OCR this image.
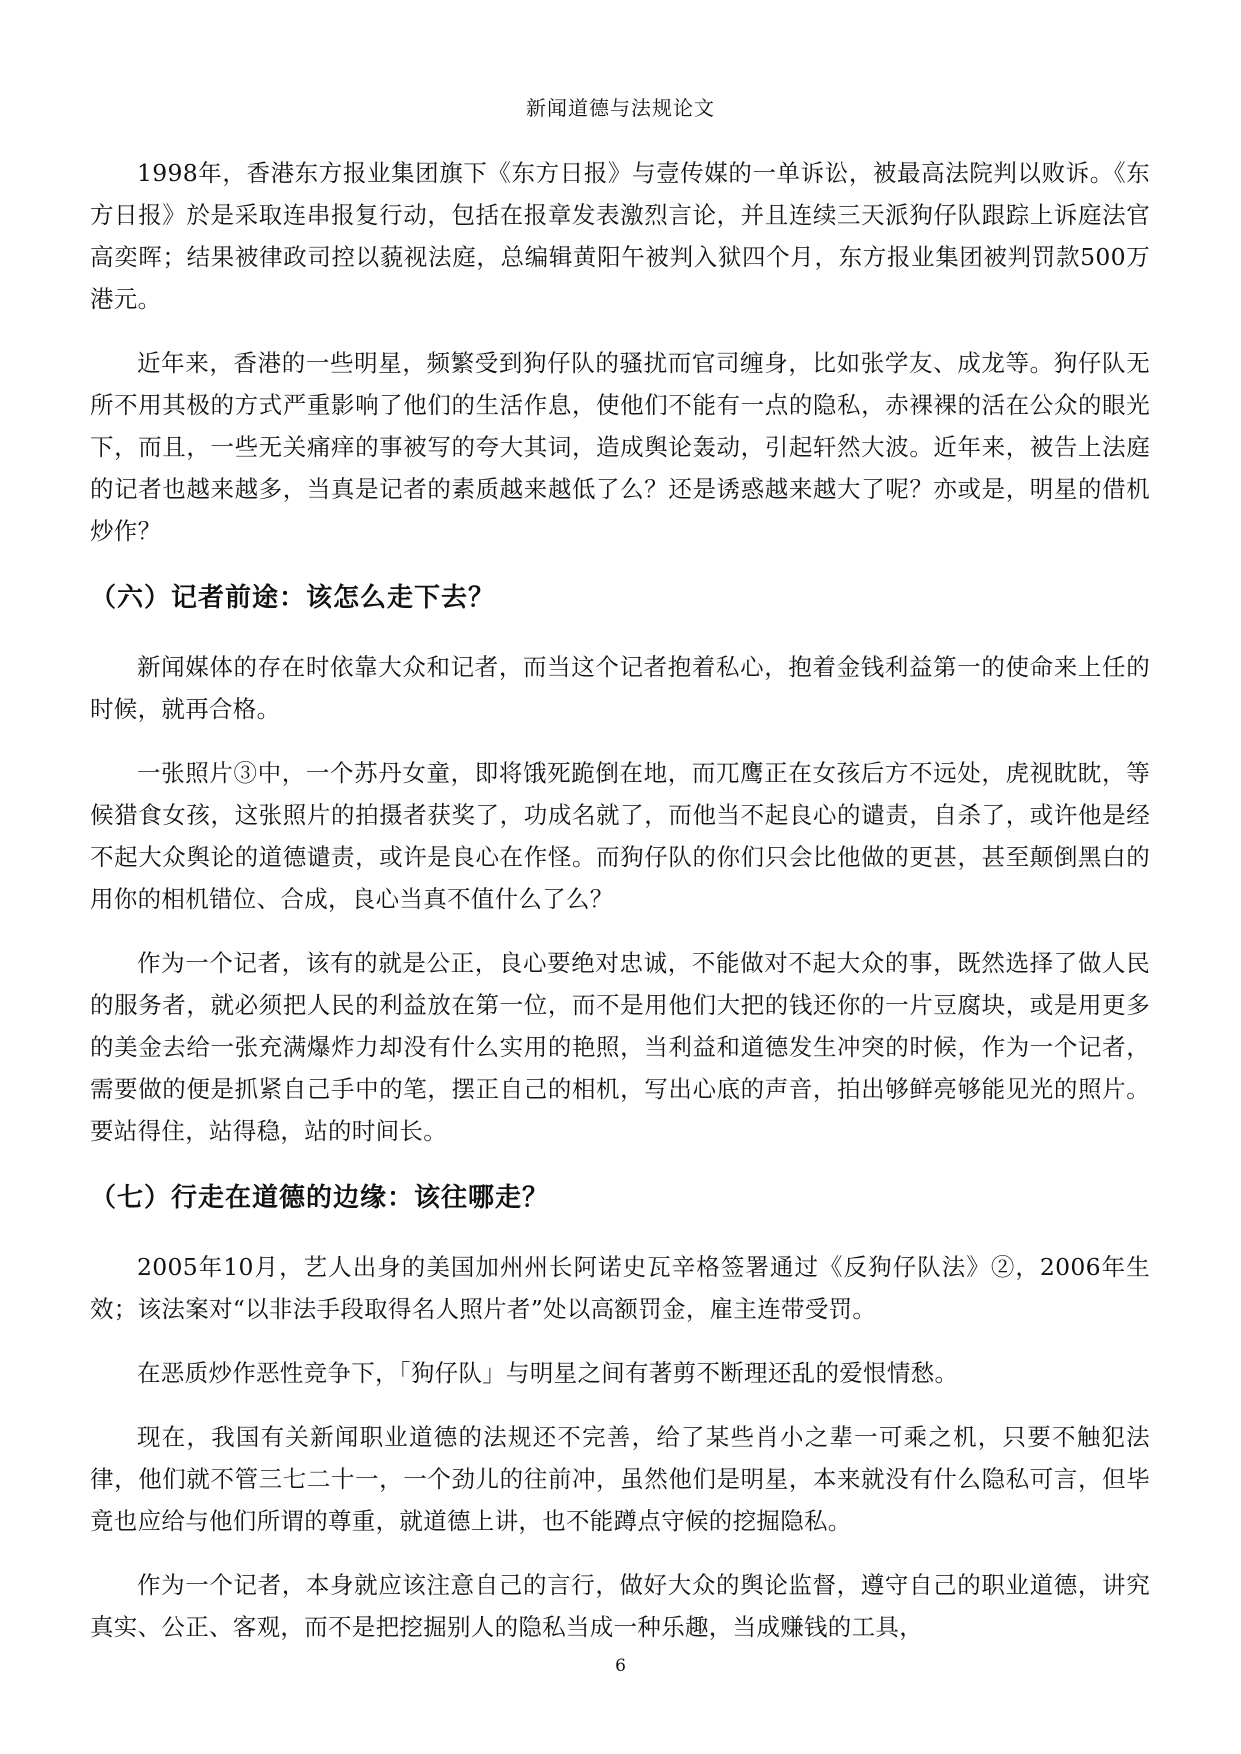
新闻道德与法规论文

1998年，香港东方报业集团旗下《东方日报》与壹传媒的一单诉讼，被最高法院判以败诉。《东方日报》於是采取连串报复行动，包括在报章发表激烈言论，并且连续三天派狗仔队跟踪上诉庭法官高奕晖；结果被律政司控以藐视法庭，总编辑黄阳午被判入狱四个月，东方报业集团被判罚款500万港元。

近年来，香港的一些明星，频繁受到狗仔队的骚扰而官司缠身，比如张学友、成龙等。狗仔队无所不用其极的方式严重影响了他们的生活作息，使他们不能有一点的隐私，赤裸裸的活在公众的眼光下，而且，一些无关痛痒的事被写的夸大其词，造成舆论轰动，引起轩然大波。近年来，被告上法庭的记者也越来越多，当真是记者的素质越来越低了么？还是诱惑越来越大了呢？亦或是，明星的借机炒作？

（六）记者前途：该怎么走下去？

新闻媒体的存在时依靠大众和记者，而当这个记者抱着私心，抱着金钱利益第一的使命来上任的时候，就再合格。

一张照片③中，一个苏丹女童，即将饿死跪倒在地，而兀鹰正在女孩后方不远处，虎视眈眈，等候猎食女孩，这张照片的拍摄者获奖了，功成名就了，而他当不起良心的谴责，自杀了，或许他是经不起大众舆论的道德谴责，或许是良心在作怪。而狗仔队的你们只会比他做的更甚，甚至颠倒黑白的用你的相机错位、合成，良心当真不值什么了么？

作为一个记者，该有的就是公正，良心要绝对忠诚，不能做对不起大众的事，既然选择了做人民的服务者，就必须把人民的利益放在第一位，而不是用他们大把的钱还你的一片豆腐块，或是用更多的美金去给一张充满爆炸力却没有什么实用的艳照，当利益和道德发生冲突的时候，作为一个记者，需要做的便是抓紧自己手中的笔，摆正自己的相机，写出心底的声音，拍出够鲜亮够能见光的照片。要站得住，站得稳，站的时间长。

（七）行走在道德的边缘：该往哪走？

2005年10月，艺人出身的美国加州州长阿诺史瓦辛格签署通过《反狗仔队法》②，2006年生效；该法案对“以非法手段取得名人照片者”处以高额罚金，雇主连带受罚。

在恶质炒作恶性竞争下，「狗仔队」与明星之间有著剪不断理还乱的爱恨情愁。

现在，我国有关新闻职业道德的法规还不完善，给了某些肖小之辈一可乘之机，只要不触犯法律，他们就不管三七二十一，一个劲儿的往前冲，虽然他们是明星，本来就没有什么隐私可言，但毕竟也应给与他们所谓的尊重，就道德上讲，也不能蹲点守候的挖掘隐私。

作为一个记者，本身就应该注意自己的言行，做好大众的舆论监督，遵守自己的职业道德，讲究真实、公正、客观，而不是把挖掘别人的隐私当成一种乐趣，当成赚钱的工具，

6
